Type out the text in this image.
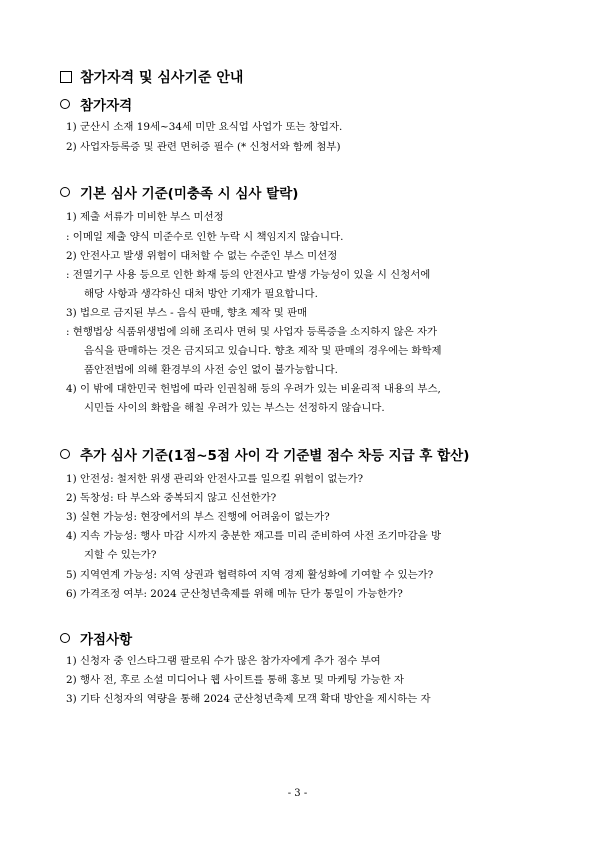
참가자격 및 심사기준 안내
참가자격
1) 군산시 소재 19세~34세 미만 요식업 사업가 또는 창업자.
2) 사업자등록증 및 관련 면허증 필수 (* 신청서와 함께 첨부)
기본 심사 기준(미충족 시 심사 탈락)
1) 제출 서류가 미비한 부스 미선정
: 이메일 제출 양식 미준수로 인한 누락 시 책임지지 않습니다.
2) 안전사고 발생 위험이 대처할 수 없는 수준인 부스 미선정
: 전열기구 사용 등으로 인한 화재 등의 안전사고 발생 가능성이 있을 시 신청서에
해당 사항과 생각하신 대처 방안 기재가 필요합니다.
3) 법으로 금지된 부스 - 음식 판매, 향초 제작 및 판매
: 현행법상 식품위생법에 의해 조리사 면허 및 사업자 등록증을 소지하지 않은 자가
음식을 판매하는 것은 금지되고 있습니다. 향초 제작 및 판매의 경우에는 화학제
품안전법에 의해 환경부의 사전 승인 없이 불가능합니다.
4) 이 밖에 대한민국 헌법에 따라 인권침해 등의 우려가 있는 비윤리적 내용의 부스,
시민들 사이의 화합을 해칠 우려가 있는 부스는 선정하지 않습니다.
추가 심사 기준(1점~5점 사이 각 기준별 점수 차등 지급 후 합산)
1) 안전성: 철저한 위생 관리와 안전사고를 일으킬 위험이 없는가?
2) 독창성: 타 부스와 중복되지 않고 신선한가?
3) 실현 가능성: 현장에서의 부스 진행에 어려움이 없는가?
4) 지속 가능성: 행사 마감 시까지 충분한 재고를 미리 준비하여 사전 조기마감을 방
지할 수 있는가?
5) 지역연계 가능성: 지역 상권과 협력하여 지역 경제 활성화에 기여할 수 있는가?
6) 가격조정 여부: 2024 군산청년축제를 위해 메뉴 단가 통일이 가능한가?
가점사항
1) 신청자 중 인스타그램 팔로워 수가 많은 참가자에게 추가 점수 부여
2) 행사 전, 후로 소셜 미디어나 웹 사이트를 통해 홍보 및 마케팅 가능한 자
3) 기타 신청자의 역량을 통해 2024 군산청년축제 모객 확대 방안을 제시하는 자
- 3 -
